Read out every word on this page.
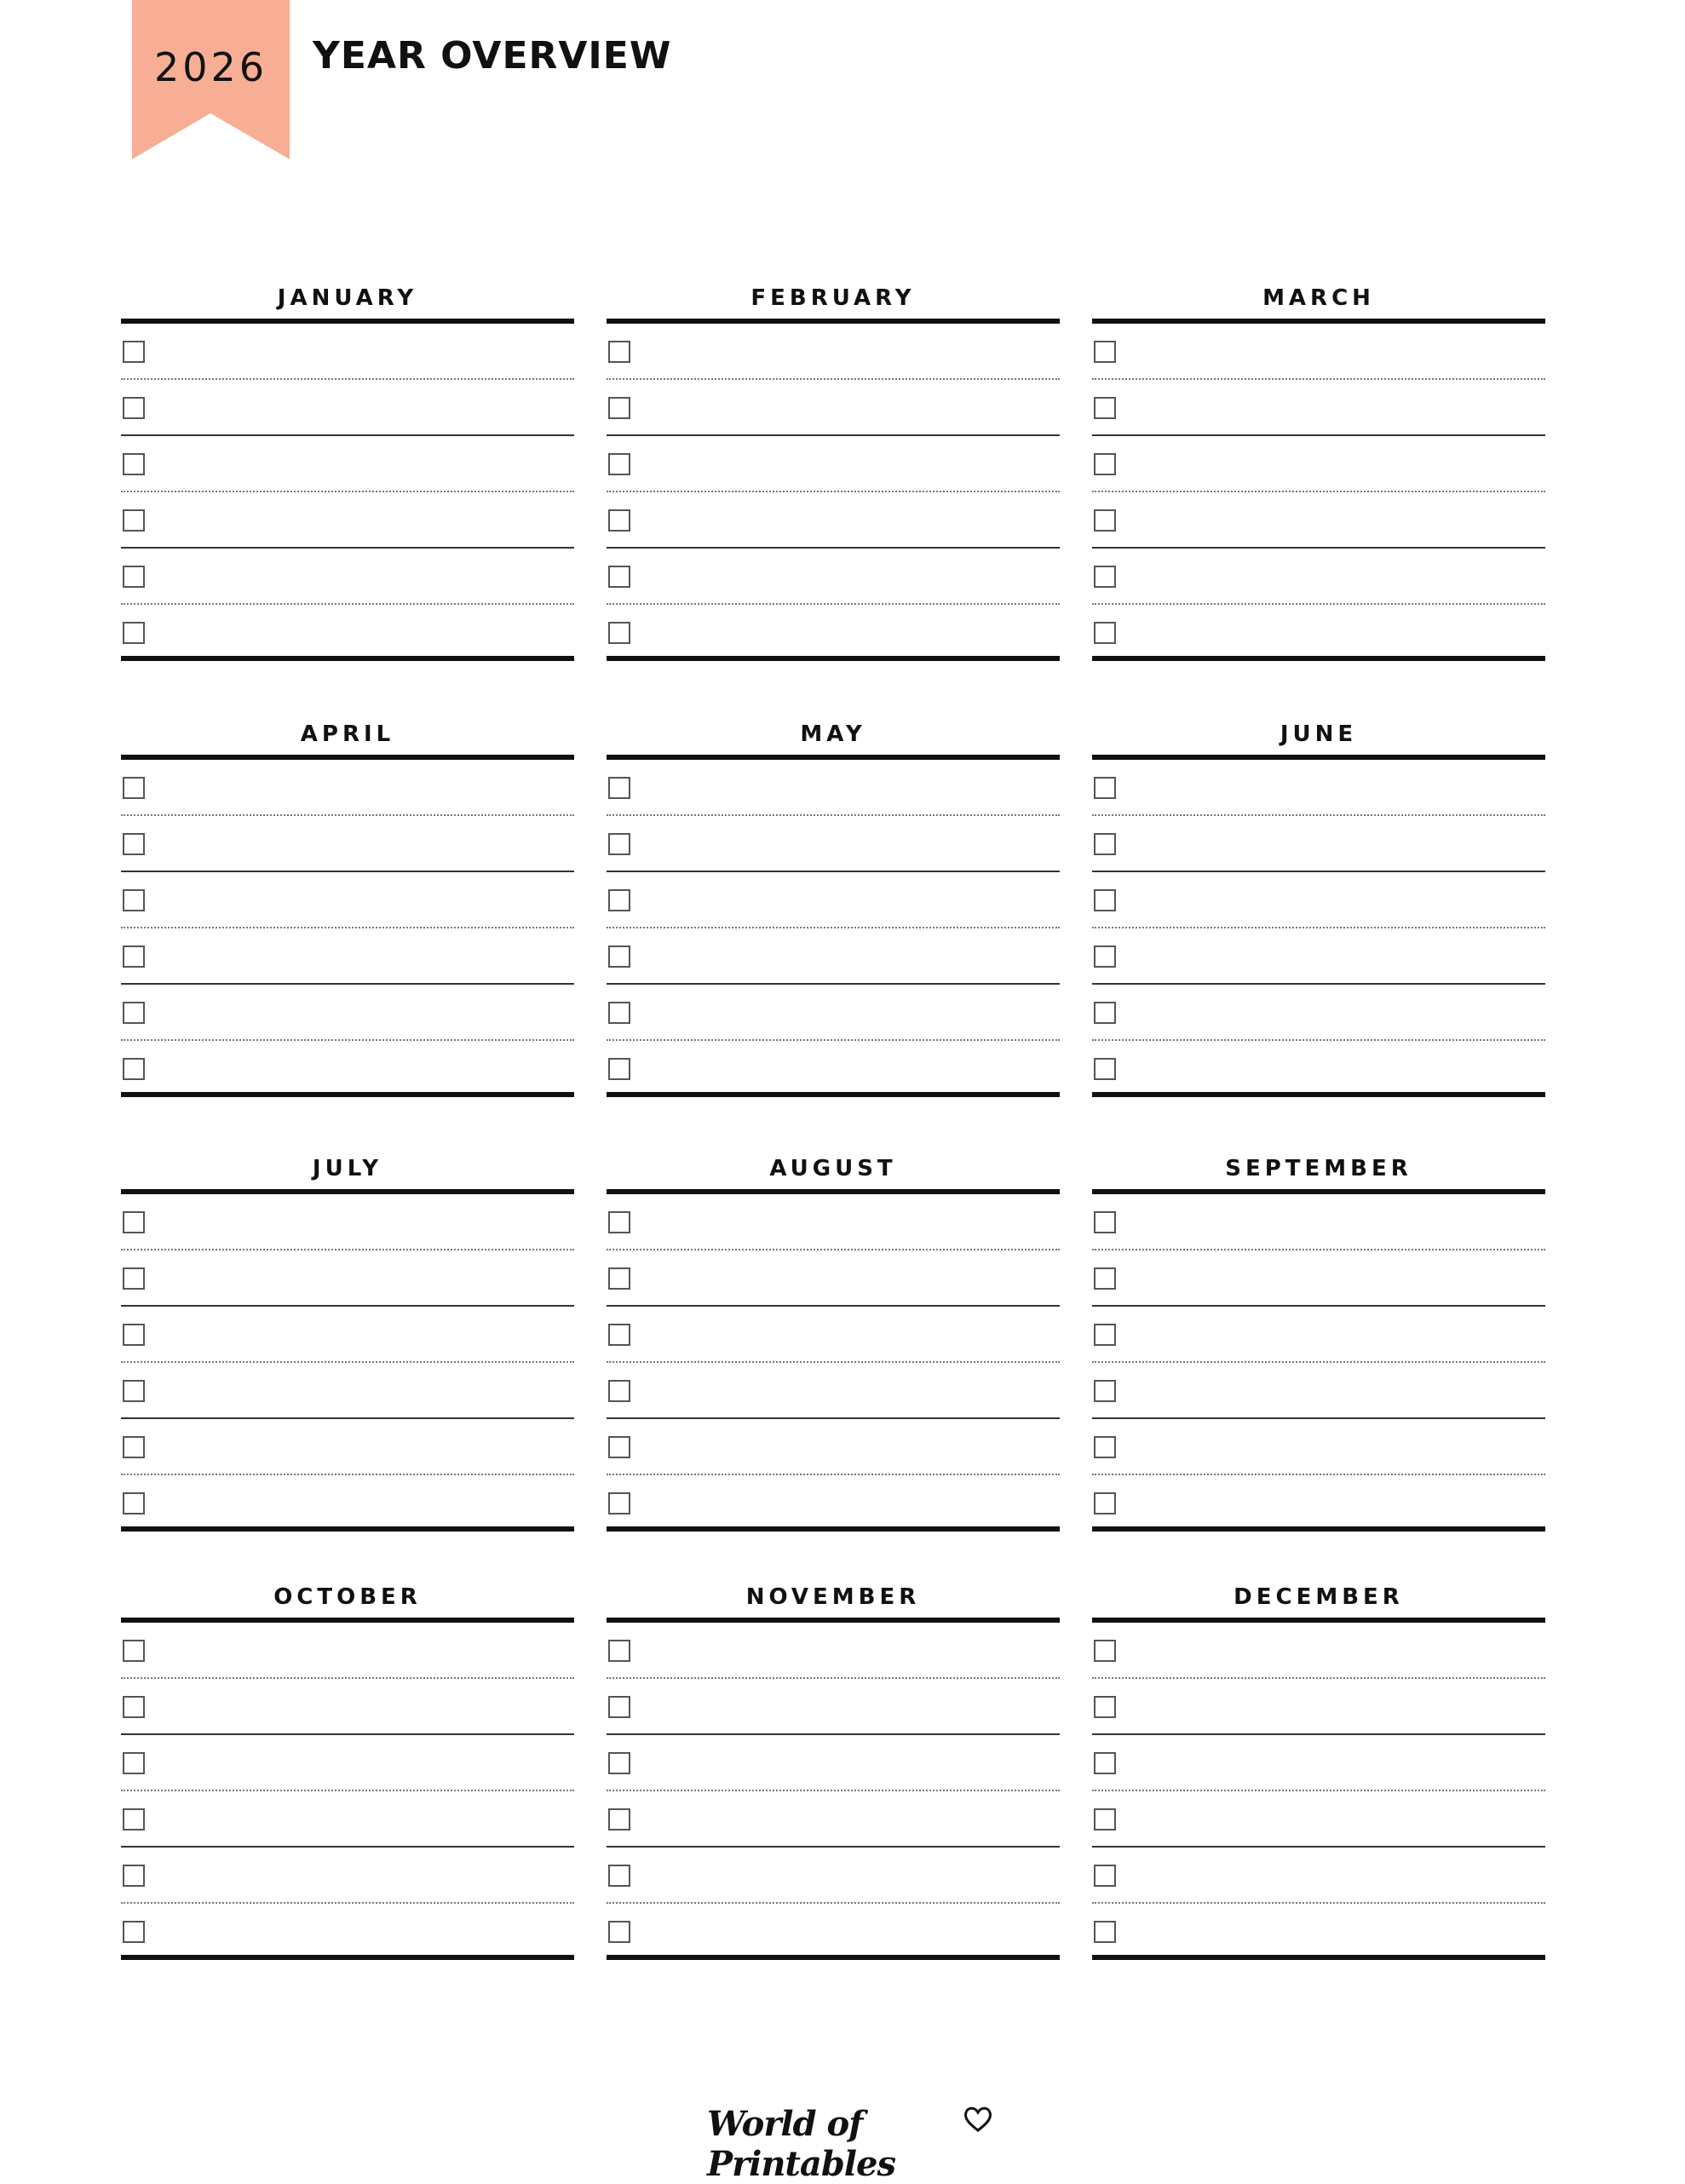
2026	YEAR OVERVIEW
JANUARY	FEBRUARY	MARCH
APRIL	MAY	JUNE
JULY	AUGUST	SEPTEMBER
OCTOBER	NOVEMBER	DECEMBER
World of Printables
